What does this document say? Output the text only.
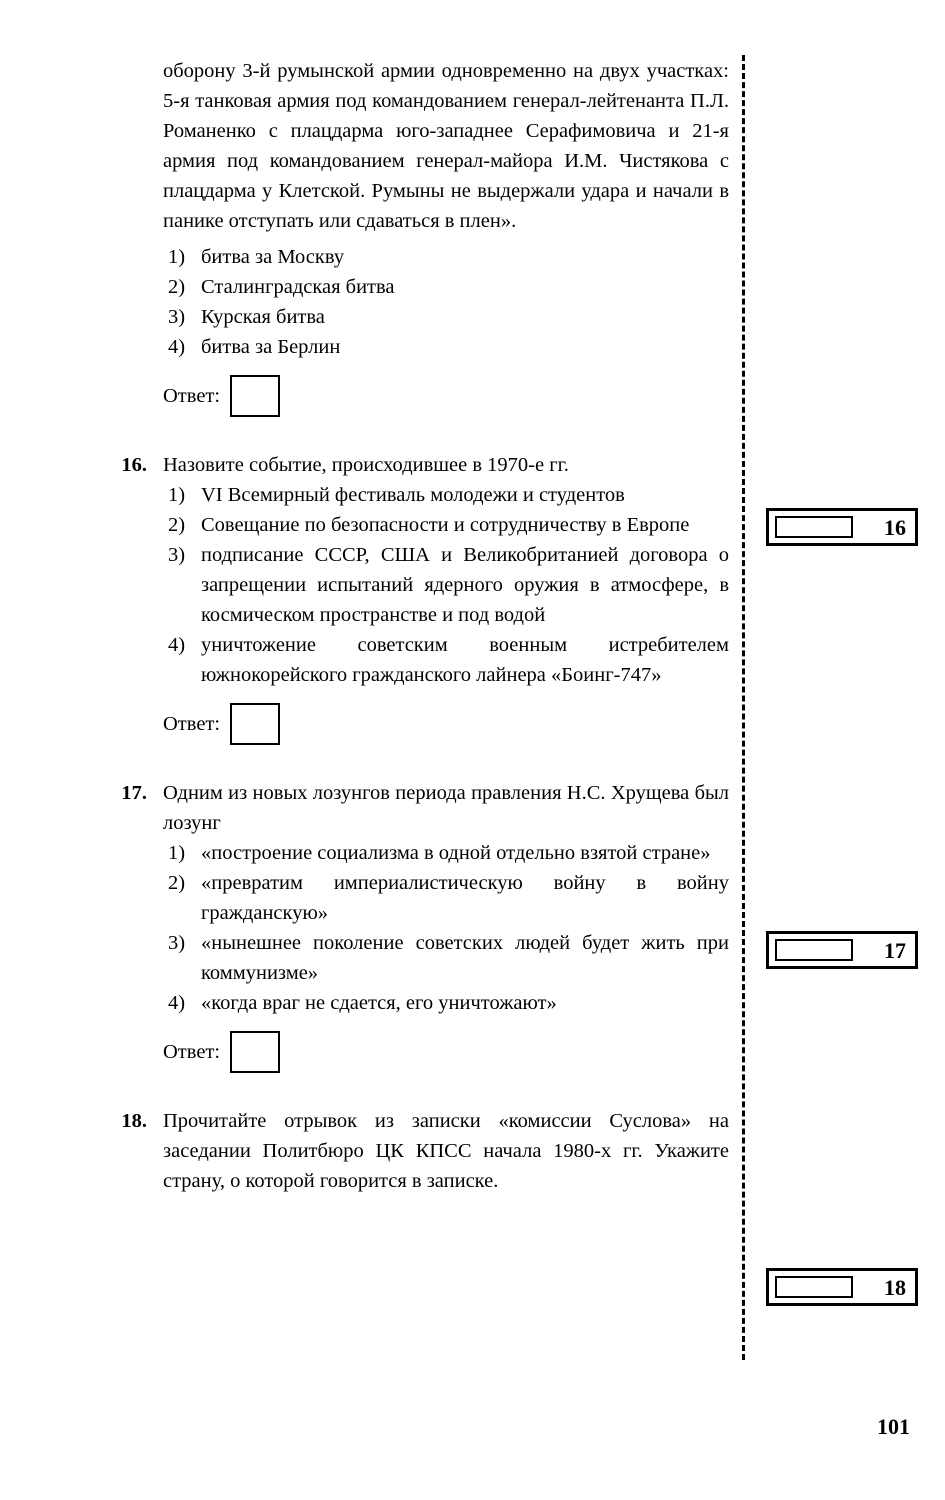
оборону 3-й румынской армии одновременно на двух участках: 5-я танковая армия под командованием генерал-лейтенанта П.Л. Романенко с плацдарма юго-западнее Серафимовича и 21-я армия под командованием генерал-майора И.М. Чистякова с плацдарма у Клетской. Румыны не выдержали удара и начали в панике отступать или сдаваться в плен».

1) битва за Москву
2) Сталинградская битва
3) Курская битва
4) битва за Берлин
Ответ:
16. Назовите событие, происходившее в 1970-е гг.
1) VI Всемирный фестиваль молодежи и студентов
2) Совещание по безопасности и сотрудничеству в Европе
3) подписание СССР, США и Великобританией договора о запрещении испытаний ядерного оружия в атмосфере, в космическом пространстве и под водой
4) уничтожение советским военным истребителем южнокорейского гражданского лайнера «Боинг-747»
Ответ:
17. Одним из новых лозунгов периода правления Н.С. Хрущева был лозунг
1) «построение социализма в одной отдельно взятой стране»
2) «превратим империалистическую войну в войну гражданскую»
3) «нынешнее поколение советских людей будет жить при коммунизме»
4) «когда враг не сдается, его уничтожают»
Ответ:
18. Прочитайте отрывок из записки «комиссии Суслова» на заседании Политбюро ЦК КПСС начала 1980-х гг. Укажите страну, о которой говорится в записке.
16
17
18
101
